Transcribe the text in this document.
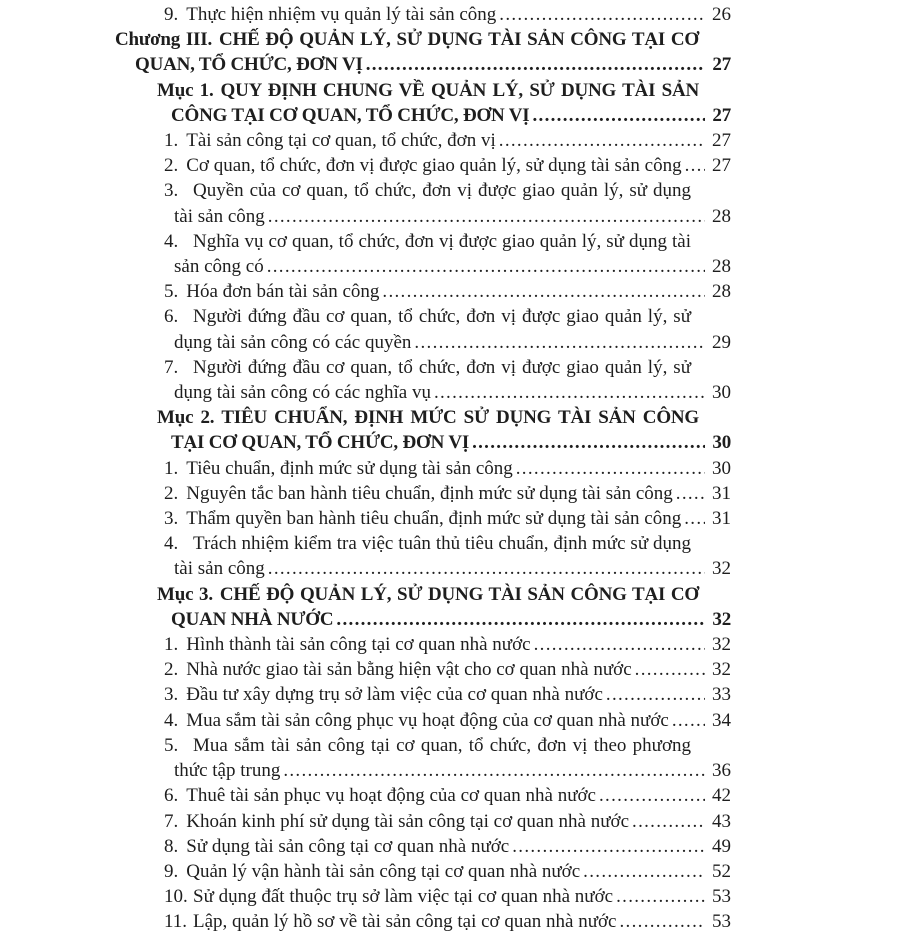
9. Thực hiện nhiệm vụ quản lý tài sản công .....	26
Chương III. CHẾ ĐỘ QUẢN LÝ, SỬ DỤNG TÀI SẢN CÔNG TẠI CƠ
QUAN, TỔ CHỨC, ĐƠN VỊ .....	27
Mục 1. QUY ĐỊNH CHUNG VỀ QUẢN LÝ, SỬ DỤNG TÀI SẢN
CÔNG TẠI CƠ QUAN, TỔ CHỨC, ĐƠN VỊ .....	27
1. Tài sản công tại cơ quan, tổ chức, đơn vị .....	27
2. Cơ quan, tổ chức, đơn vị được giao quản lý, sử dụng tài sản công ..... 27
3. Quyền của cơ quan, tổ chức, đơn vị được giao quản lý, sử dụng
tài sản công .....	28
4. Nghĩa vụ cơ quan, tổ chức, đơn vị được giao quản lý, sử dụng tài
sản công có .....	28
5. Hóa đơn bán tài sản công .....	28
6. Người đứng đầu cơ quan, tổ chức, đơn vị được giao quản lý, sử
dụng tài sản công có các quyền .....	29
7. Người đứng đầu cơ quan, tổ chức, đơn vị được giao quản lý, sử
dụng tài sản công có các nghĩa vụ .....	30
Mục 2. TIÊU CHUẨN, ĐỊNH MỨC SỬ DỤNG TÀI SẢN CÔNG
TẠI CƠ QUAN, TỔ CHỨC, ĐƠN VỊ .....	30
1. Tiêu chuẩn, định mức sử dụng tài sản công .....	30
2. Nguyên tắc ban hành tiêu chuẩn, định mức sử dụng tài sản công ..... 31
3. Thẩm quyền ban hành tiêu chuẩn, định mức sử dụng tài sản công ..... 31
4. Trách nhiệm kiểm tra việc tuân thủ tiêu chuẩn, định mức sử dụng
tài sản công .....	32
Mục 3. CHẾ ĐỘ QUẢN LÝ, SỬ DỤNG TÀI SẢN CÔNG TẠI CƠ
QUAN NHÀ NƯỚC .....	32
1. Hình thành tài sản công tại cơ quan nhà nước .....	32
2. Nhà nước giao tài sản bằng hiện vật cho cơ quan nhà nước .....	32
3. Đầu tư xây dựng trụ sở làm việc của cơ quan nhà nước .....	33
4. Mua sắm tài sản công phục vụ hoạt động của cơ quan nhà nước ..... 34
5. Mua sắm tài sản công tại cơ quan, tổ chức, đơn vị theo phương
thức tập trung .....	36
6. Thuê tài sản phục vụ hoạt động của cơ quan nhà nước .....	42
7. Khoán kinh phí sử dụng tài sản công tại cơ quan nhà nước .....	43
8. Sử dụng tài sản công tại cơ quan nhà nước .....	49
9. Quản lý vận hành tài sản công tại cơ quan nhà nước .....	52
10. Sử dụng đất thuộc trụ sở làm việc tại cơ quan nhà nước .....	53
11. Lập, quản lý hồ sơ về tài sản công tại cơ quan nhà nước .....	53
